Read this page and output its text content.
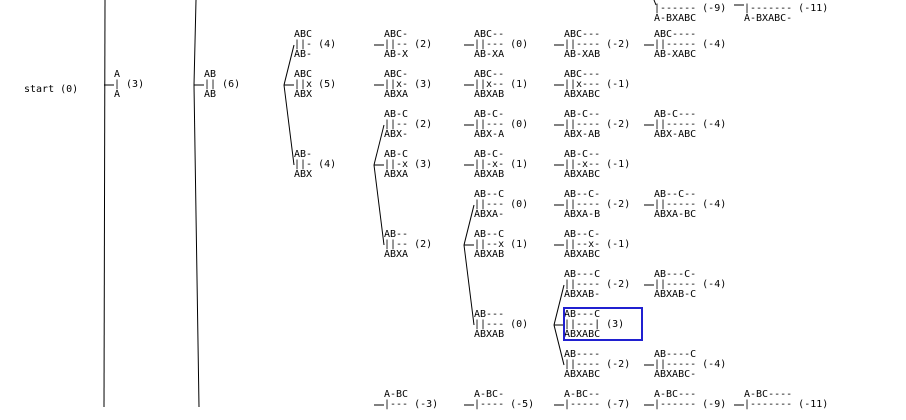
|------ (-9)
A-BXABC
|------- (-11)
A-BXABC-
start (0)
A
| (3)
A
AB
|| (6)
AB
ABC
||- (4)
AB-
ABC-
||-- (2)
AB-X
ABC--
||--- (0)
AB-XA
ABC---
||---- (-2)
AB-XAB
ABC----
||----- (-4)
AB-XABC
ABC
||x (5)
ABX
ABC-
||x- (3)
ABXA
ABC--
||x-- (1)
ABXAB
ABC---
||x--- (-1)
ABXABC
AB-
||- (4)
ABX
AB-C
||-- (2)
ABX-
AB-C-
||--- (0)
ABX-A
AB-C--
||---- (-2)
ABX-AB
AB-C---
||----- (-4)
ABX-ABC
AB-C
||-x (3)
ABXA
AB-C-
||-x- (1)
ABXAB
AB-C--
||-x-- (-1)
ABXABC
AB--C
||--- (0)
ABXA-
AB--C-
||---- (-2)
ABXA-B
AB--C--
||----- (-4)
ABXA-BC
AB--
||-- (2)
ABXA
AB--C
||--x (1)
ABXAB
AB--C-
||--x- (-1)
ABXABC
AB---C
||---- (-2)
ABXAB-
AB---C-
||----- (-4)
ABXAB-C
AB---
||--- (0)
ABXAB
AB---C
||---| (3)
ABXABC
AB----
||---- (-2)
ABXABC
AB----C
||----- (-4)
ABXABC-
A-BC
|--- (-3)
A-BC-
|---- (-5)
A-BC--
|----- (-7)
A-BC---
|------ (-9)
A-BC----
|------- (-11)
